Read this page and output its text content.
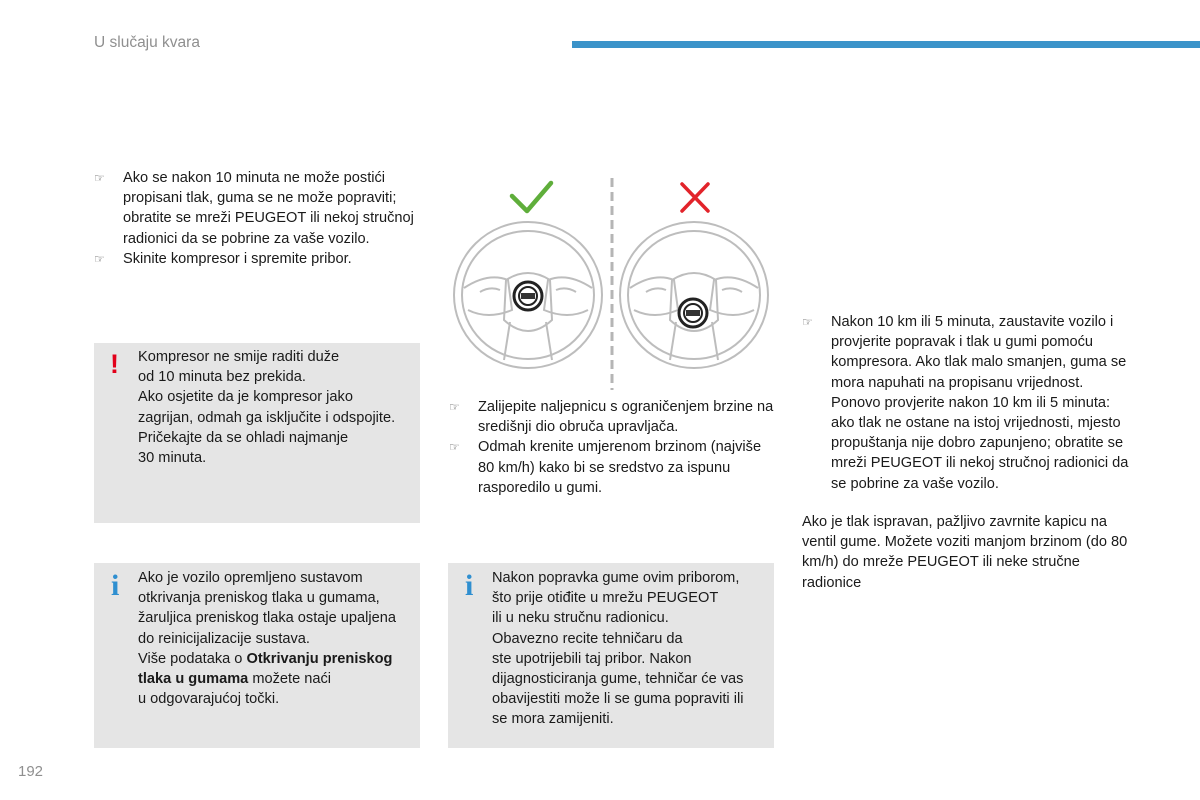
U slučaju kvara
☞ Ako se nakon 10 minuta ne može postići propisani tlak, guma se ne može popraviti; obratite se mreži PEUGEOT ili nekoj stručnoj radionici da se pobrine za vaše vozilo.
☞ Skinite kompresor i spremite pribor.
! Kompresor ne smije raditi duže
od 10 minuta bez prekida.
Ako osjetite da je kompresor jako
zagrijan, odmah ga isključite i odspojite.
Pričekajte da se ohladi najmanje
30 minuta.
i Ako je vozilo opremljeno sustavom
otkrivanja preniskog tlaka u gumama,
žaruljica preniskog tlaka ostaje upaljena
do reinicijalizacije sustava.
Više podataka o Otkrivanju preniskog
tlaka u gumama možete naći
u odgovarajućoj točki.
☞ Zalijepite naljepnicu s ograničenjem brzine na središnji dio obruča upravljača.
☞ Odmah krenite umjerenom brzinom (najviše 80 km/h) kako bi se sredstvo za ispunu rasporedilo u gumi.
i Nakon popravka gume ovim priborom,
što prije otiđite u mrežu PEUGEOT
ili u neku stručnu radionicu.
Obavezno recite tehničaru da
ste upotrijebili taj pribor. Nakon
dijagnosticiranja gume, tehničar će vas
obavijestiti može li se guma popraviti ili
se mora zamijeniti.
☞ Nakon 10 km ili 5 minuta, zaustavite vozilo i provjerite popravak i tlak u gumi pomoću kompresora. Ako tlak malo smanjen, guma se mora napuhati na propisanu vrijednost. Ponovo provjerite nakon 10 km ili 5 minuta: ako tlak ne ostane na istoj vrijednosti, mjesto propuštanja nije dobro zapunjeno; obratite se mreži PEUGEOT ili nekoj stručnoj radionici da se pobrine za vaše vozilo.

Ako je tlak ispravan, pažljivo zavrnite kapicu na ventil gume. Možete voziti manjom brzinom (do 80 km/h) do mreže PEUGEOT ili neke stručne radionice

192
